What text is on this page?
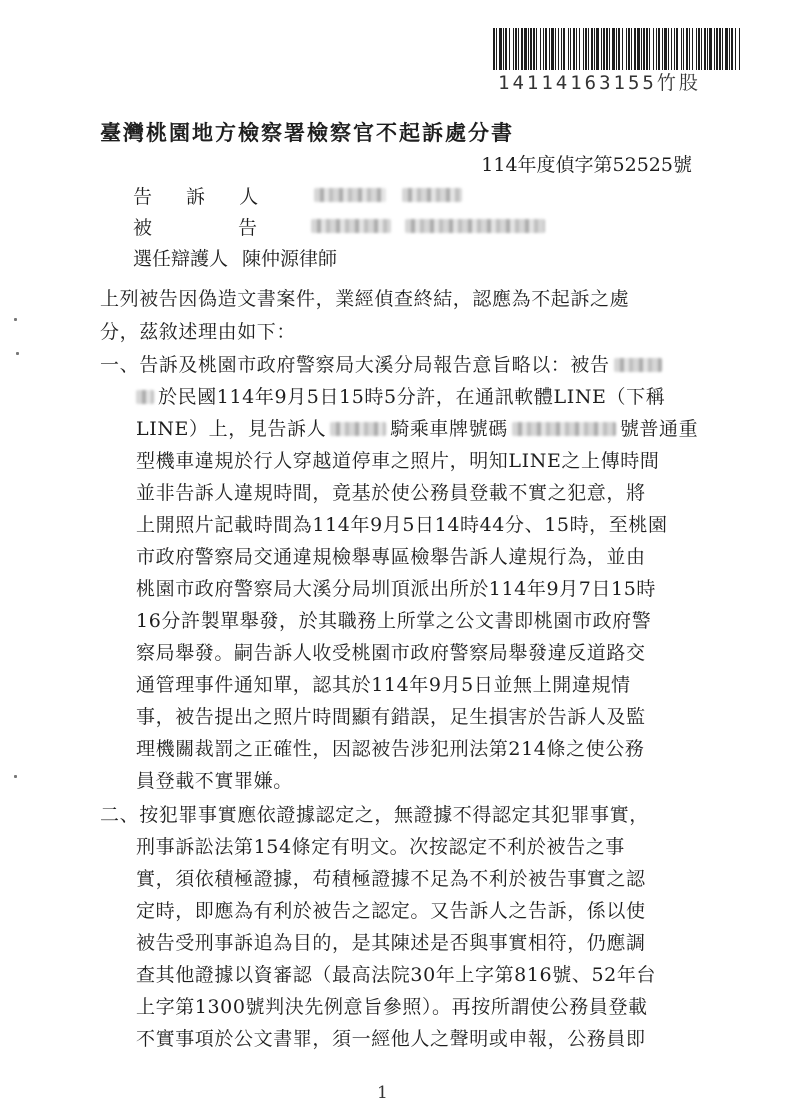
14114163155竹股
臺灣桃園地方檢察署檢察官不起訴處分書
114年度偵字第52525號
告 訴 人
被 告
選任辯護人 陳仲源律師
上列被告因偽造文書案件，業經偵查終結，認應為不起訴之處
分，茲敘述理由如下：
一、告訴及桃園市政府警察局大溪分局報告意旨略以：被告
於民國114年9月5日15時5分許，在通訊軟體LINE（下稱
LINE）上，見告訴人	騎乘車牌號碼	號普通重
型機車違規於行人穿越道停車之照片，明知LINE之上傳時間
並非告訴人違規時間，竟基於使公務員登載不實之犯意，將
上開照片記載時間為114年9月5日14時44分、15時，至桃園
市政府警察局交通違規檢舉專區檢舉告訴人違規行為，並由
桃園市政府警察局大溪分局圳頂派出所於114年9月7日15時
16分許製單舉發，於其職務上所掌之公文書即桃園市政府警
察局舉發。嗣告訴人收受桃園市政府警察局舉發違反道路交
通管理事件通知單，認其於114年9月5日並無上開違規情
事，被告提出之照片時間顯有錯誤，足生損害於告訴人及監
理機關裁罰之正確性，因認被告涉犯刑法第214條之使公務
員登載不實罪嫌。
二、按犯罪事實應依證據認定之，無證據不得認定其犯罪事實，
刑事訴訟法第154條定有明文。次按認定不利於被告之事
實，須依積極證據，苟積極證據不足為不利於被告事實之認
定時，即應為有利於被告之認定。又告訴人之告訴，係以使
被告受刑事訴追為目的，是其陳述是否與事實相符，仍應調
查其他證據以資審認（最高法院30年上字第816號、52年台
上字第1300號判決先例意旨參照）。再按所謂使公務員登載
不實事項於公文書罪，須一經他人之聲明或申報，公務員即
1
